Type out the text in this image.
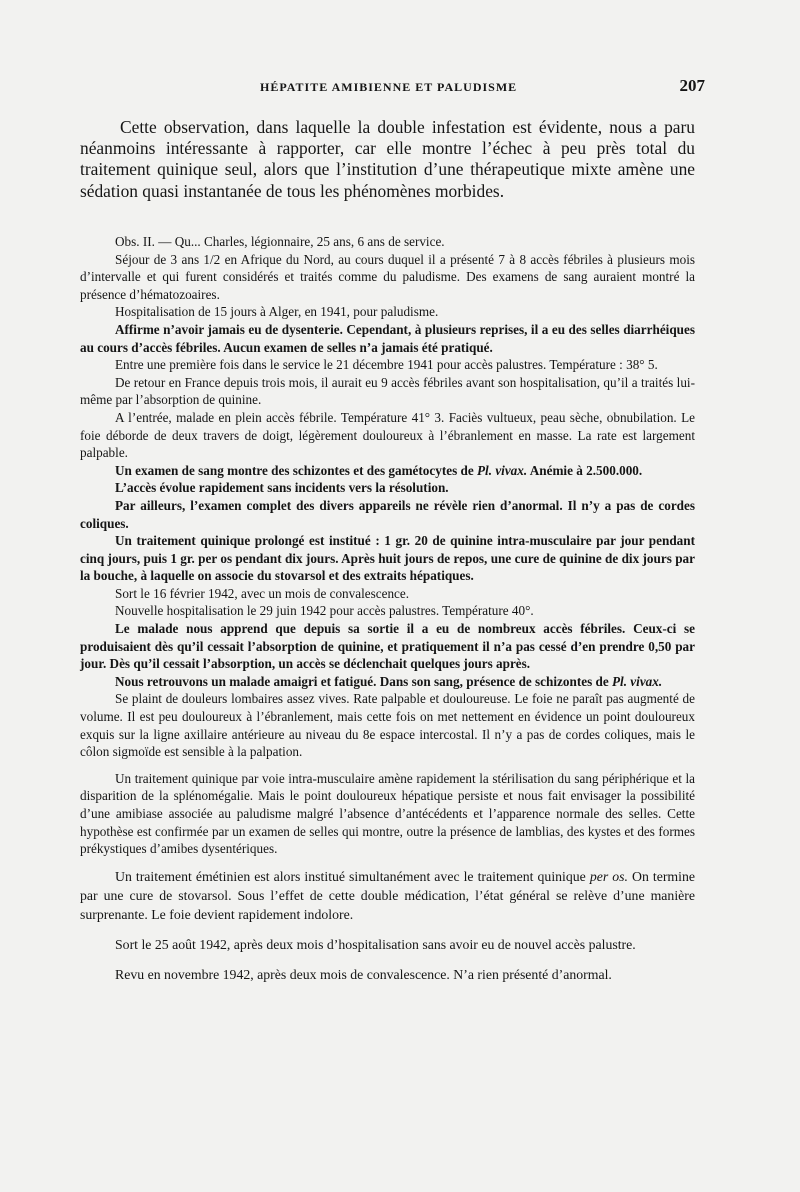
HÉPATITE AMIBIENNE ET PALUDISME	207

Cette observation, dans laquelle la double infestation est évidente, nous a paru néanmoins intéressante à rapporter, car elle montre l’échec à peu près total du traitement quinique seul, alors que l’institution d’une thérapeutique mixte amène une sédation quasi instantanée de tous les phénomènes morbides.

Obs. II. — Qu... Charles, légionnaire, 25 ans, 6 ans de service.

Séjour de 3 ans 1/2 en Afrique du Nord, au cours duquel il a présenté 7 à 8 accès fébriles à plusieurs mois d’intervalle et qui furent considérés et traités comme du paludisme. Des examens de sang auraient montré la présence d’hématozoaires.

Hospitalisation de 15 jours à Alger, en 1941, pour paludisme.

Affirme n’avoir jamais eu de dysenterie. Cependant, à plusieurs reprises, il a eu des selles diarrhéiques au cours d’accès fébriles. Aucun examen de selles n’a jamais été pratiqué.

Entre une première fois dans le service le 21 décembre 1941 pour accès palustres. Température : 38° 5.

De retour en France depuis trois mois, il aurait eu 9 accès fébriles avant son hospitalisation, qu’il a traités lui-même par l’absorption de quinine.

A l’entrée, malade en plein accès fébrile. Température 41° 3. Faciès vultueux, peau sèche, obnubilation. Le foie déborde de deux travers de doigt, légèrement douloureux à l’ébranlement en masse. La rate est largement palpable.

Un examen de sang montre des schizontes et des gamétocytes de Pl. vivax. Anémie à 2.500.000.

L’accès évolue rapidement sans incidents vers la résolution.

Par ailleurs, l’examen complet des divers appareils ne révèle rien d’anormal. Il n’y a pas de cordes coliques.

Un traitement quinique prolongé est institué : 1 gr. 20 de quinine intra-musculaire par jour pendant cinq jours, puis 1 gr. per os pendant dix jours. Après huit jours de repos, une cure de quinine de dix jours par la bouche, à laquelle on associe du stovarsol et des extraits hépatiques.

Sort le 16 février 1942, avec un mois de convalescence.

Nouvelle hospitalisation le 29 juin 1942 pour accès palustres. Température 40°.

Le malade nous apprend que depuis sa sortie il a eu de nombreux accès fébriles. Ceux-ci se produisaient dès qu’il cessait l’absorption de quinine, et pratiquement il n’a pas cessé d’en prendre 0,50 par jour. Dès qu’il cessait l’absorption, un accès se déclenchait quelques jours après.

Nous retrouvons un malade amaigri et fatigué. Dans son sang, présence de schizontes de Pl. vivax.

Se plaint de douleurs lombaires assez vives. Rate palpable et douloureuse. Le foie ne paraît pas augmenté de volume. Il est peu douloureux à l’ébranlement, mais cette fois on met nettement en évidence un point douloureux exquis sur la ligne axillaire antérieure au niveau du 8e espace intercostal. Il n’y a pas de cordes coliques, mais le côlon sigmoïde est sensible à la palpation.

Un traitement quinique par voie intra-musculaire amène rapidement la stérilisation du sang périphérique et la disparition de la splénomégalie. Mais le point douloureux hépatique persiste et nous fait envisager la possibilité d’une amibiase associée au paludisme malgré l’absence d’antécédents et l’apparence normale des selles. Cette hypothèse est confirmée par un examen de selles qui montre, outre la présence de lamblias, des kystes et des formes prékystiques d’amibes dysentériques.

Un traitement émétinien est alors institué simultanément avec le traitement quinique per os. On termine par une cure de stovarsol. Sous l’effet de cette double médication, l’état général se relève d’une manière surprenante. Le foie devient rapidement indolore.

Sort le 25 août 1942, après deux mois d’hospitalisation sans avoir eu de nouvel accès palustre.

Revu en novembre 1942, après deux mois de convalescence. N’a rien présenté d’anormal.
